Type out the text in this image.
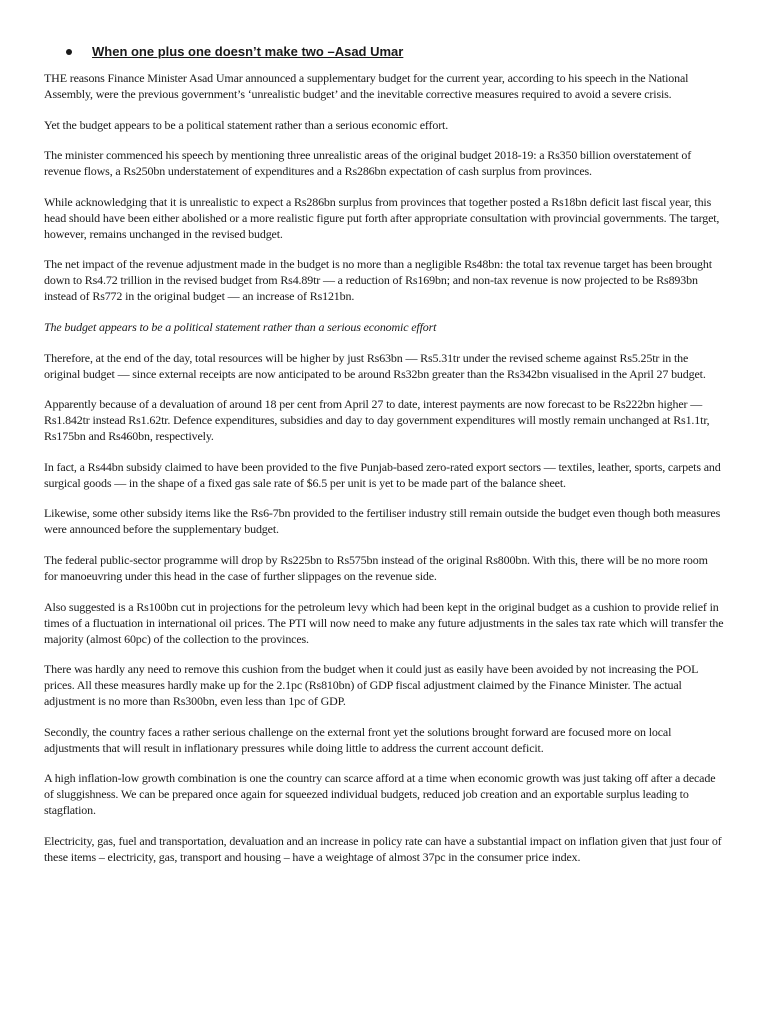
When one plus one doesn’t make two –Asad Umar

THE reasons Finance Minister Asad Umar announced a supplementary budget for the current year, according to his speech in the National Assembly, were the previous government’s ‘unrealistic budget’ and the inevitable corrective measures required to avoid a severe crisis.

Yet the budget appears to be a political statement rather than a serious economic effort.

The minister commenced his speech by mentioning three unrealistic areas of the original budget 2018-19: a Rs350 billion overstatement of revenue flows, a Rs250bn understatement of expenditures and a Rs286bn expectation of cash surplus from provinces.

While acknowledging that it is unrealistic to expect a Rs286bn surplus from provinces that together posted a Rs18bn deficit last fiscal year, this head should have been either abolished or a more realistic figure put forth after appropriate consultation with provincial governments. The target, however, remains unchanged in the revised budget.

The net impact of the revenue adjustment made in the budget is no more than a negligible Rs48bn: the total tax revenue target has been brought down to Rs4.72 trillion in the revised budget from Rs4.89tr — a reduction of Rs169bn; and non-tax revenue is now projected to be Rs893bn instead of Rs772 in the original budget — an increase of Rs121bn.

The budget appears to be a political statement rather than a serious economic effort

Therefore, at the end of the day, total resources will be higher by just Rs63bn — Rs5.31tr under the revised scheme against Rs5.25tr in the original budget — since external receipts are now anticipated to be around Rs32bn greater than the Rs342bn visualised in the April 27 budget.

Apparently because of a devaluation of around 18 per cent from April 27 to date, interest payments are now forecast to be Rs222bn higher — Rs1.842tr instead Rs1.62tr. Defence expenditures, subsidies and day to day government expenditures will mostly remain unchanged at Rs1.1tr, Rs175bn and Rs460bn, respectively.

In fact, a Rs44bn subsidy claimed to have been provided to the five Punjab-based zero-rated export sectors — textiles, leather, sports, carpets and surgical goods — in the shape of a fixed gas sale rate of $6.5 per unit is yet to be made part of the balance sheet.

Likewise, some other subsidy items like the Rs6-7bn provided to the fertiliser industry still remain outside the budget even though both measures were announced before the supplementary budget.

The federal public-sector programme will drop by Rs225bn to Rs575bn instead of the original Rs800bn. With this, there will be no more room for manoeuvring under this head in the case of further slippages on the revenue side.

Also suggested is a Rs100bn cut in projections for the petroleum levy which had been kept in the original budget as a cushion to provide relief in times of a fluctuation in international oil prices. The PTI will now need to make any future adjustments in the sales tax rate which will transfer the majority (almost 60pc) of the collection to the provinces.

There was hardly any need to remove this cushion from the budget when it could just as easily have been avoided by not increasing the POL prices. All these measures hardly make up for the 2.1pc (Rs810bn) of GDP fiscal adjustment claimed by the Finance Minister. The actual adjustment is no more than Rs300bn, even less than 1pc of GDP.

Secondly, the country faces a rather serious challenge on the external front yet the solutions brought forward are focused more on local adjustments that will result in inflationary pressures while doing little to address the current account deficit.

A high inflation-low growth combination is one the country can scarce afford at a time when economic growth was just taking off after a decade of sluggishness. We can be prepared once again for squeezed individual budgets, reduced job creation and an exportable surplus leading to stagflation.

Electricity, gas, fuel and transportation, devaluation and an increase in policy rate can have a substantial impact on inflation given that just four of these items – electricity, gas, transport and housing – have a weightage of almost 37pc in the consumer price index.
